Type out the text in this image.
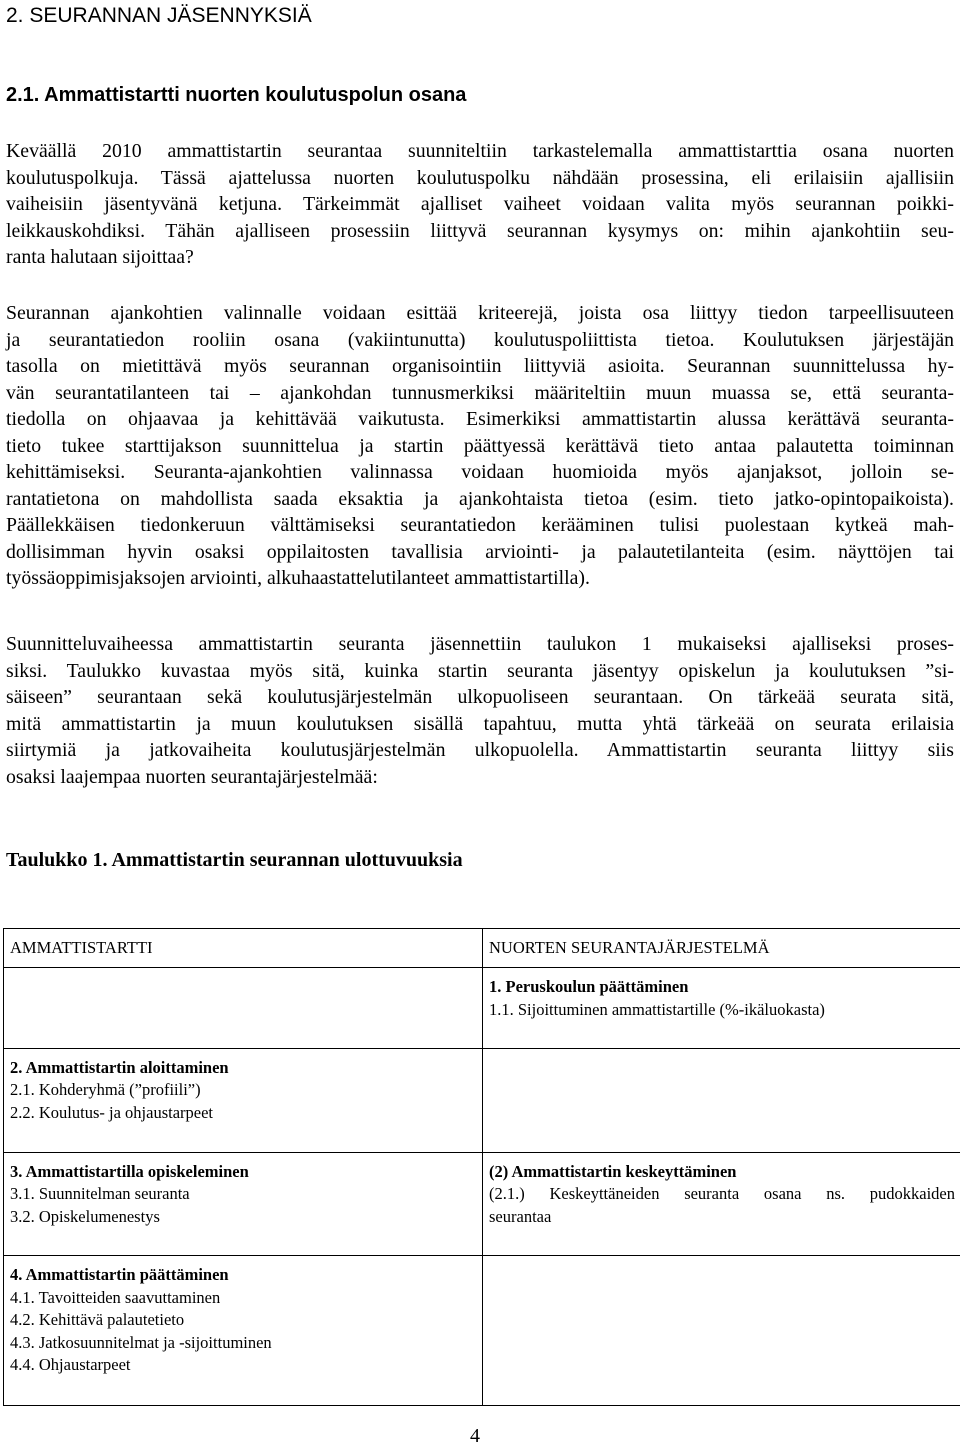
2. SEURANNAN JÄSENNYKSIÄ
2.1. Ammattistartti nuorten koulutuspolun osana

Keväällä 2010 ammattistartin seurantaa suunniteltiin tarkastelemalla ammattistarttia osana nuorten
koulutuspolkuja. Tässä ajattelussa nuorten koulutuspolku nähdään prosessina, eli erilaisiin ajallisiin
vaiheisiin jäsentyvänä ketjuna. Tärkeimmät ajalliset vaiheet voidaan valita myös seurannan poikki-
leikkauskohdiksi. Tähän ajalliseen prosessiin liittyvä seurannan kysymys on: mihin ajankohtiin seu-
ranta halutaan sijoittaa?

Seurannan ajankohtien valinnalle voidaan esittää kriteerejä, joista osa liittyy tiedon tarpeellisuuteen
ja seurantatiedon rooliin osana (vakiintunutta) koulutuspoliittista tietoa. Koulutuksen järjestäjän
tasolla on mietittävä myös seurannan organisointiin liittyviä asioita. Seurannan suunnittelussa hy-
vän seurantatilanteen tai – ajankohdan tunnusmerkiksi määriteltiin muun muassa se, että seuranta-
tiedolla on ohjaavaa ja kehittävää vaikutusta. Esimerkiksi ammattistartin alussa kerättävä seuranta-
tieto tukee starttijakson suunnittelua ja startin päättyessä kerättävä tieto antaa palautetta toiminnan
kehittämiseksi. Seuranta-ajankohtien valinnassa voidaan huomioida myös ajanjaksot, jolloin se-
rantatietona on mahdollista saada eksaktia ja ajankohtaista tietoa (esim. tieto jatko-opintopaikoista).
Päällekkäisen tiedonkeruun välttämiseksi seurantatiedon kerääminen tulisi puolestaan kytkeä mah-
dollisimman hyvin osaksi oppilaitosten tavallisia arviointi- ja palautetilanteita (esim. näyttöjen tai
työssäoppimisjaksojen arviointi, alkuhaastattelutilanteet ammattistartilla).

Suunnitteluvaiheessa ammattistartin seuranta jäsennettiin taulukon 1 mukaiseksi ajalliseksi proses-
siksi. Taulukko kuvastaa myös sitä, kuinka startin seuranta jäsentyy opiskelun ja koulutuksen ”si-
säiseen” seurantaan sekä koulutusjärjestelmän ulkopuoliseen seurantaan. On tärkeää seurata sitä,
mitä ammattistartin ja muun koulutuksen sisällä tapahtuu, mutta yhtä tärkeää on seurata erilaisia
siirtymiä ja jatkovaiheita koulutusjärjestelmän ulkopuolella. Ammattistartin seuranta liittyy siis
osaksi laajempaa nuorten seurantajärjestelmää:

Taulukko 1. Ammattistartin seurannan ulottuvuuksia
AMMATTISTARTTI	NUORTEN SEURANTAJÄRJESTELMÄ

	1. Peruskoulun päättäminen
1.1. Sijoittuminen ammattistartille (%-ikäluokasta)

2. Ammattistartin aloittaminen
2.1. Kohderyhmä (”profiili”)
2.2. Koulutus- ja ohjaustarpeet	

3. Ammattistartilla opiskeleminen
3.1. Suunnitelman seuranta
3.2. Opiskelumenestys	(2) Ammattistartin keskeyttäminen
(2.1.) Keskeyttäneiden seuranta osana ns. pudokkaiden
seurantaa

4. Ammattistartin päättäminen
4.1. Tavoitteiden saavuttaminen
4.2. Kehittävä palautetieto
4.3. Jatkosuunnitelmat ja -sijoittuminen
4.4. Ohjaustarpeet	

4
